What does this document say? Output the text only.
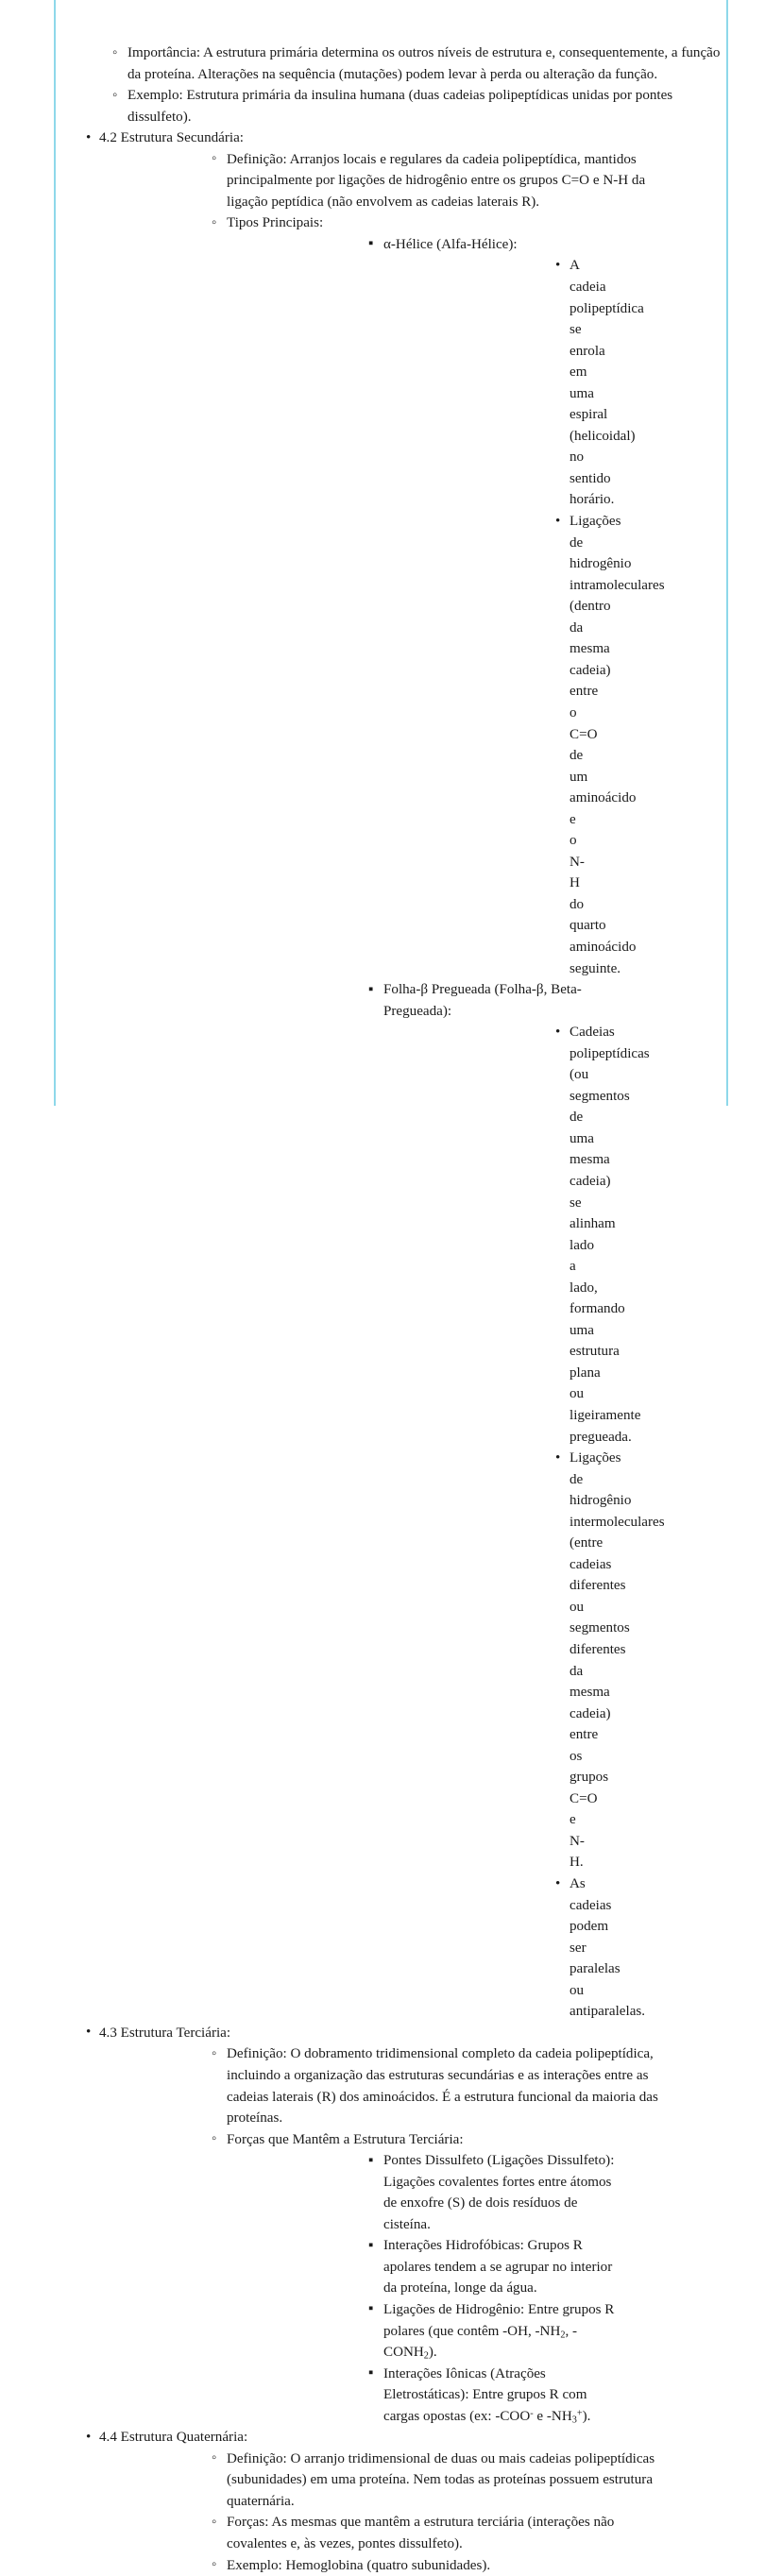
◦ Importância: A estrutura primária determina os outros níveis de estrutura e, consequentemente, a função da proteína. Alterações na sequência (mutações) podem levar à perda ou alteração da função.
◦ Exemplo: Estrutura primária da insulina humana (duas cadeias polipeptídicas unidas por pontes dissulfeto).
• 4.2 Estrutura Secundária:
◦ Definição: Arranjos locais e regulares da cadeia polipeptídica, mantidos principalmente por ligações de hidrogênio entre os grupos C=O e N-H da ligação peptídica (não envolvem as cadeias laterais R).
◦ Tipos Principais:
▪ α-Hélice (Alfa-Hélice):
• A cadeia polipeptídica se enrola em uma espiral (helicoidal) no sentido horário.
• Ligações de hidrogênio intramoleculares (dentro da mesma cadeia) entre o C=O de um aminoácido e o N-H do quarto aminoácido seguinte.
▪ Folha-β Pregueada (Folha-β, Beta-Pregueada):
• Cadeias polipeptídicas (ou segmentos de uma mesma cadeia) se alinham lado a lado, formando uma estrutura plana ou ligeiramente pregueada.
• Ligações de hidrogênio intermoleculares (entre cadeias diferentes ou segmentos diferentes da mesma cadeia) entre os grupos C=O e N-H.
• As cadeias podem ser paralelas ou antiparalelas.
• 4.3 Estrutura Terciária:
◦ Definição: O dobramento tridimensional completo da cadeia polipeptídica, incluindo a organização das estruturas secundárias e as interações entre as cadeias laterais (R) dos aminoácidos. É a estrutura funcional da maioria das proteínas.
◦ Forças que Mantêm a Estrutura Terciária:
▪ Pontes Dissulfeto (Ligações Dissulfeto): Ligações covalentes fortes entre átomos de enxofre (S) de dois resíduos de cisteína.
▪ Interações Hidrofóbicas: Grupos R apolares tendem a se agrupar no interior da proteína, longe da água.
▪ Ligações de Hidrogênio: Entre grupos R polares (que contêm -OH, $-NH_2$, $-CONH_2$).
▪ Interações Iônicas (Atrações Eletrostáticas): Entre grupos R com cargas opostas (ex: -COO- e $-NH_3^+$).
• 4.4 Estrutura Quaternária:
◦ Definição: O arranjo tridimensional de duas ou mais cadeias polipeptídicas (subunidades) em uma proteína. Nem todas as proteínas possuem estrutura quaternária.
◦ Forças: As mesmas que mantêm a estrutura terciária (interações não covalentes e, às vezes, pontes dissulfeto).
◦ Exemplo: Hemoglobina (quatro subunidades).
